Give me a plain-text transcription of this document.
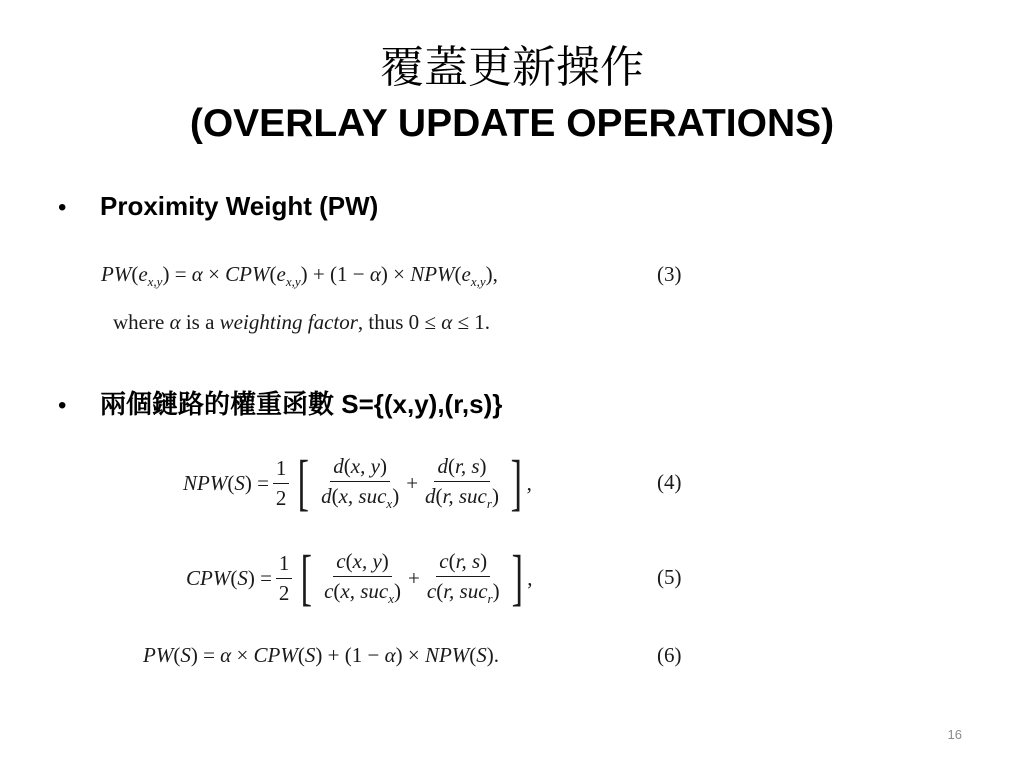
覆蓋更新操作
(OVERLAY UPDATE OPERATIONS)
•	Proximity Weight (PW)
$PW(e_{x,y}) = \alpha \times CPW(e_{x,y}) + (1 - \alpha) \times NPW(e_{x,y})$,	(3)
where α is a weighting factor, thus 0 ≤ α ≤ 1.
•	兩個鏈路的權重函數 S={(x,y),(r,s)}
$NPW(S) = \frac{1}{2}$ [ $\frac{d(x, y)}{d(x, suc_x)} + \frac{d(r, s)}{d(r, suc_r)}$ ] ,	(4)
$CPW(S) = \frac{1}{2}$ [ $\frac{c(x, y)}{c(x, suc_x)} + \frac{c(r, s)}{c(r, suc_r)}$ ] ,	(5)
PW(S) = α × CPW(S) + (1 − α) × NPW(S).	(6)
16
